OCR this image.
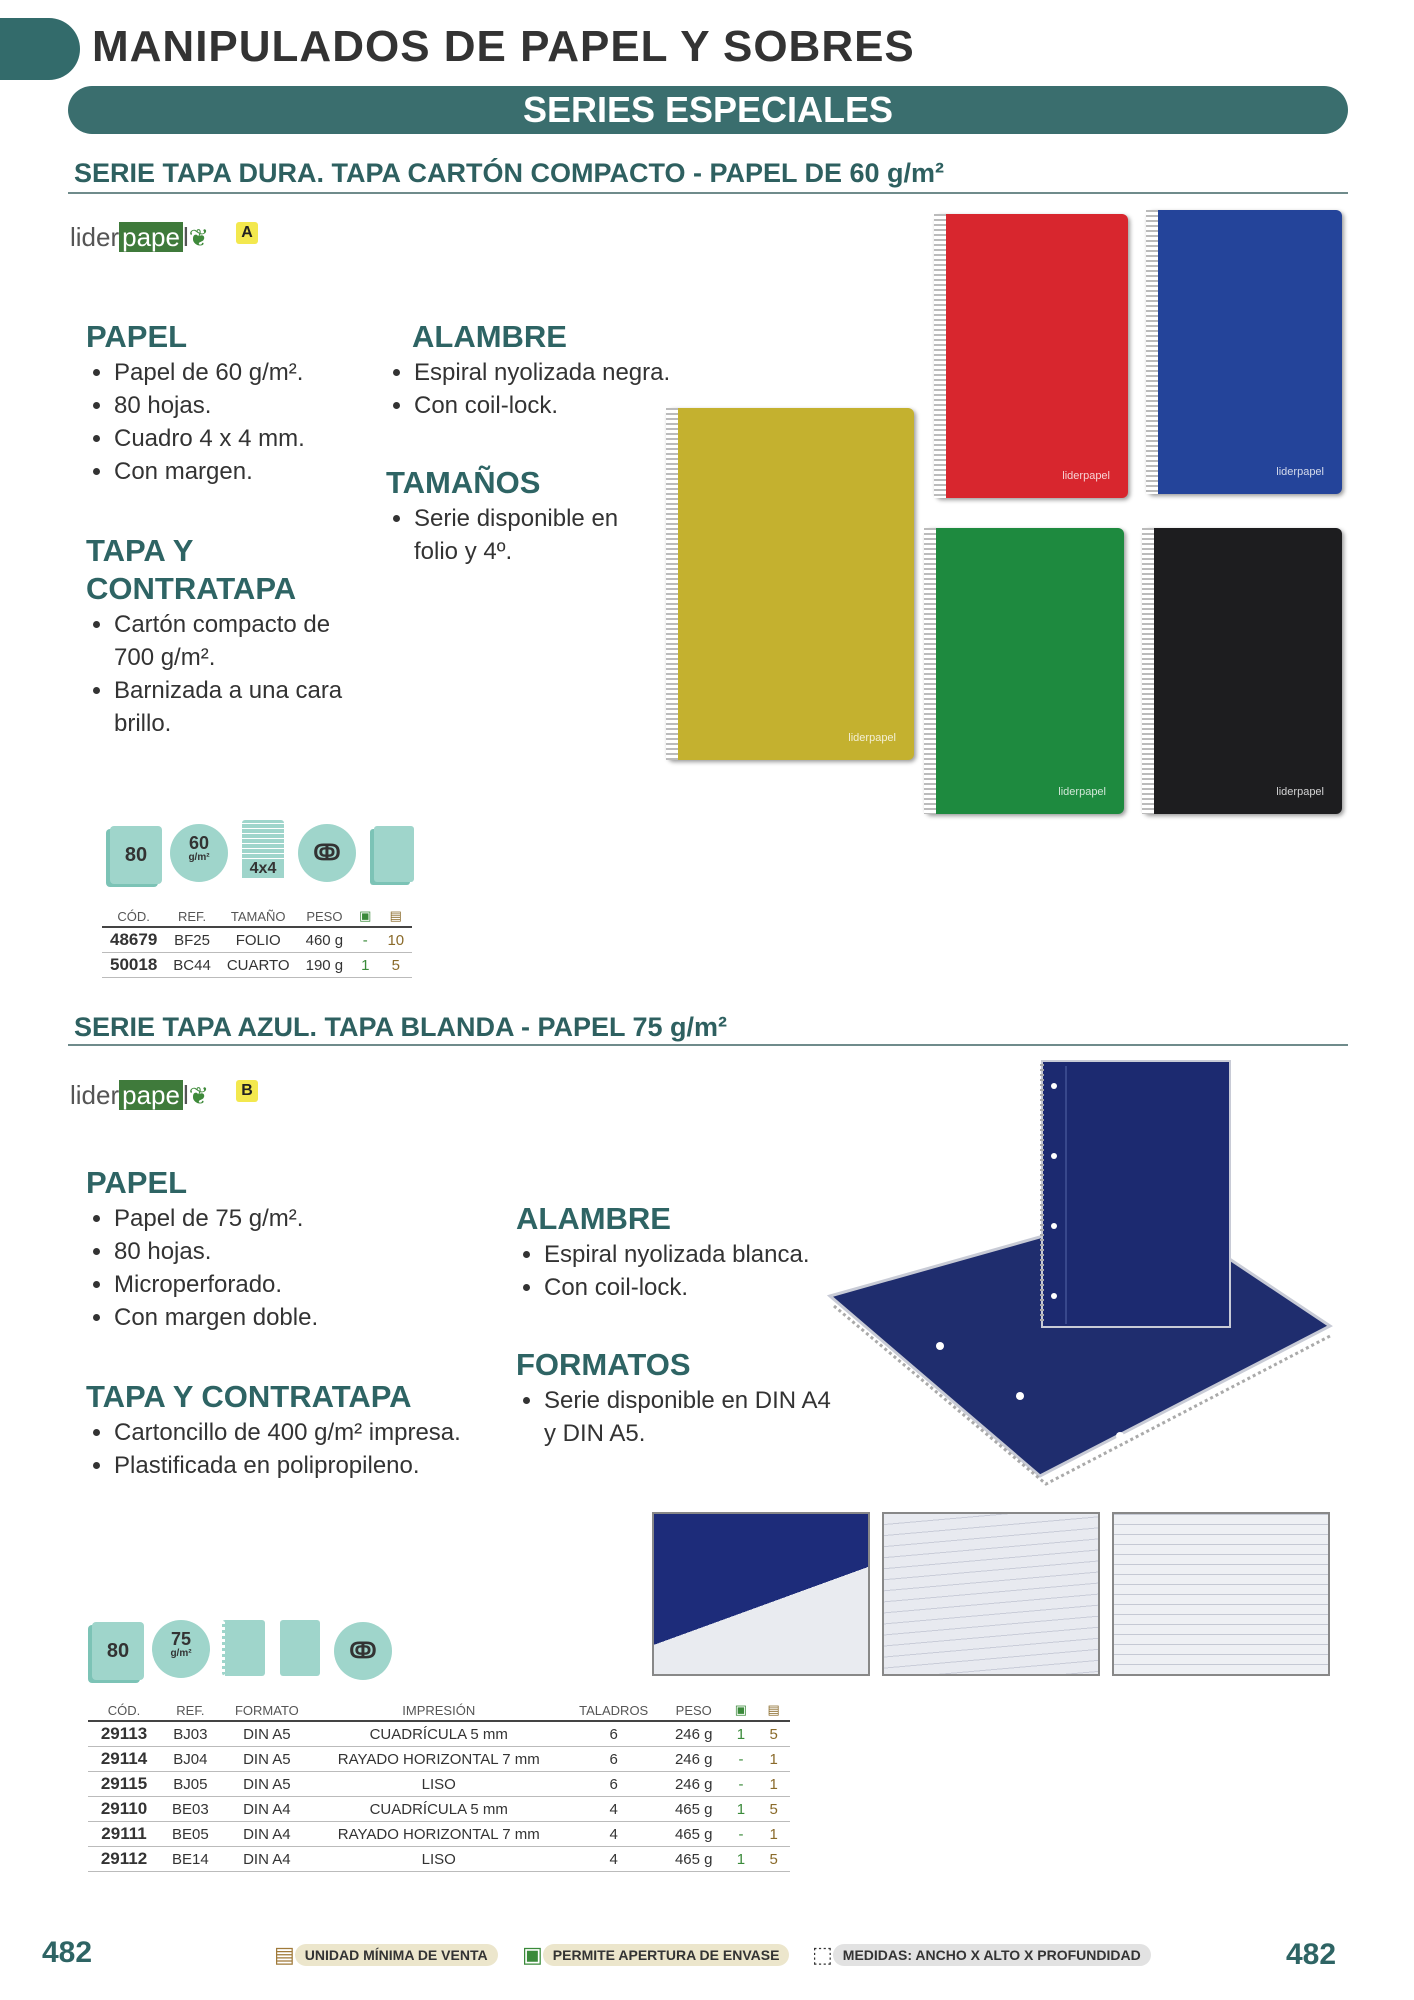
MANIPULADOS DE PAPEL Y SOBRES
SERIES ESPECIALES
SERIE TAPA DURA. TAPA CARTÓN COMPACTO - PAPEL DE 60 g/m²
lider pape l❦	A
PAPEL
• Papel de 60 g/m².
• 80 hojas.
• Cuadro 4 x 4 mm.
• Con margen.
TAPA Y
CONTRATAPA
• Cartón compacto de 700 g/m².
• Barnizada a una cara brillo.
ALAMBRE
• Espiral nyolizada negra.
• Con coil-lock.
TAMAÑOS
• Serie disponible en folio y 4º.
liderpapel
liderpapel	liderpapel
liderpapel	liderpapel
80
60
g/m²
4x4
ↂ
CÓD.	REF.	TAMAÑO	PESO	▣	▤
48679	BF25	FOLIO	460 g	-	10
50018	BC44	CUARTO	190 g	1	5
SERIE TAPA AZUL. TAPA BLANDA - PAPEL 75 g/m²
lider pape l❦	B
PAPEL
• Papel de 75 g/m².
• 80 hojas.
• Microperforado.
• Con margen doble.
TAPA Y CONTRATAPA
• Cartoncillo de 400 g/m² impresa.
• Plastificada en polipropileno.
ALAMBRE
• Espiral nyolizada blanca.
• Con coil-lock.
FORMATOS
• Serie disponible en DIN A4 y DIN A5.
80
75
g/m²	ↂ
CÓD.	REF.	FORMATO	IMPRESIÓN	TALADROS	PESO	▣	▤
29113	BJ03	DIN A5	CUADRÍCULA 5 mm	6	246 g	1	5
29114	BJ04	DIN A5	RAYADO HORIZONTAL 7 mm	6	246 g	-	1
29115	BJ05	DIN A5	LISO	6	246 g	-	1
29110	BE03	DIN A4	CUADRÍCULA 5 mm	4	465 g	1	5
29111	BE05	DIN A4	RAYADO HORIZONTAL 7 mm	4	465 g	-	1
29112	BE14	DIN A4	LISO	4	465 g	1	5
482	482
▤ UNIDAD MÍNIMA DE VENTA	▣ PERMITE APERTURA DE ENVASE	⬚ MEDIDAS: ANCHO X ALTO X PROFUNDIDAD
